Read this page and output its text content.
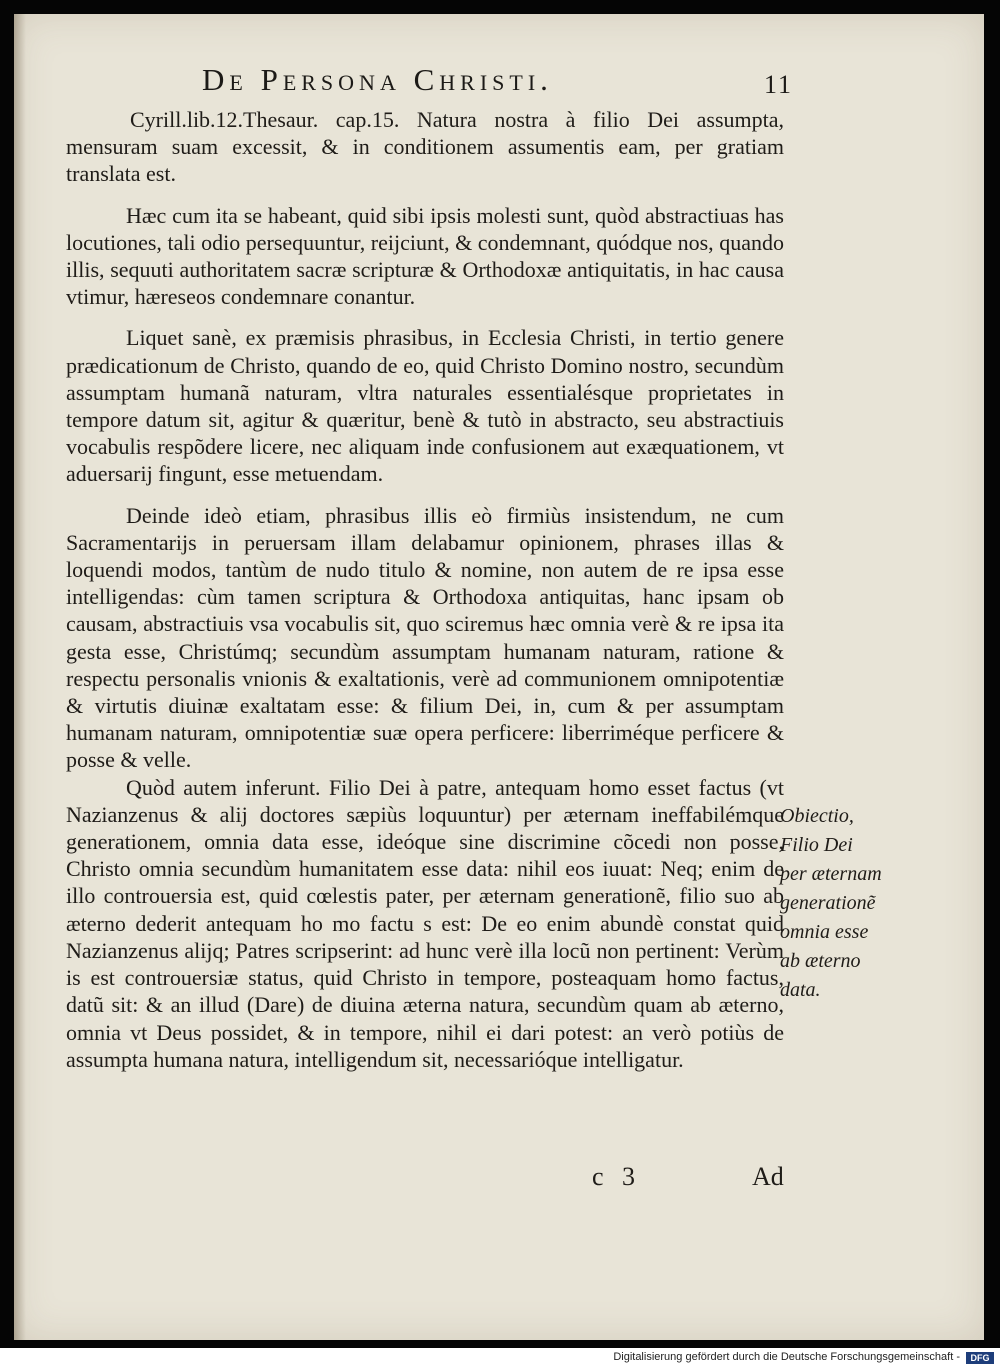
De Persona Christi.	11

Cyrill.lib.12.Thesaur. cap.15. Natura nostra à filio Dei assumpta, mensuram suam excessit, & in conditionem assumentis eam, per gratiam translata est.

Hæc cum ita se habeant, quid sibi ipsis molesti sunt, quòd abstractiuas has locutiones, tali odio persequuntur, reijciunt, & condemnant, quódque nos, quando illis, sequuti authoritatem sacræ scripturæ & Orthodoxæ antiquitatis, in hac causa vtimur, hæreseos condemnare conantur.

Liquet sanè, ex præmisis phrasibus, in Ecclesia Christi, in tertio genere prædicationum de Christo, quando de eo, quid Christo Domino nostro, secundùm assumptam humanã naturam, vltra naturales essentialésque proprietates in tempore datum sit, agitur & quæritur, benè & tutò in abstracto, seu abstractiuis vocabulis respõdere licere, nec aliquam inde confusionem aut exæquationem, vt aduersarij fingunt, esse metuendam.

Deinde ideò etiam, phrasibus illis eò firmiùs insistendum, ne cum Sacramentarijs in peruersam illam delabamur opinionem, phrases illas & loquendi modos, tantùm de nudo titulo & nomine, non autem de re ipsa esse intelligendas: cùm tamen scriptura & Orthodoxa antiquitas, hanc ipsam ob causam, abstractiuis vsa vocabulis sit, quo sciremus hæc omnia verè & re ipsa ita gesta esse, Christúmq; secundùm assumptam humanam naturam, ratione & respectu personalis vnionis & exaltationis, verè ad communionem omnipotentiæ & virtutis diuinæ exaltatam esse: & filium Dei, in, cum & per assumptam humanam naturam, omnipotentiæ suæ opera perficere: liberriméque perficere & posse & velle.

Quòd autem inferunt. Filio Dei à patre, antequam homo esset factus (vt Nazianzenus & alij doctores sæpiùs loquuntur) per æternam ineffabilémque generationem, omnia data esse, ideóque sine discrimine cõcedi non posse, Christo omnia secundùm humanitatem esse data: nihil eos iuuat: Neq; enim de illo controuersia est, quid cœlestis pater, per æternam generationẽ, filio suo ab æterno dederit antequam ho mo factu s est: De eo enim abundè constat quid Nazianzenus alijq; Patres scripserint: ad hunc verè illa locũ non pertinent: Verùm is est controuersiæ status, quid Christo in tempore, posteaquam homo factus, datũ sit: & an illud (Dare) de diuina æterna natura, secundùm quam ab æterno, omnia vt Deus possidet, & in tempore, nihil ei dari potest: an verò potiùs de assumpta humana natura, intelligendum sit, necessarióque intelligatur.

Obiectio, Filio Dei per æternam generationẽ omnia esse ab æterno data.
c 3	Ad
Digitalisierung gefördert durch die Deutsche Forschungsgemeinschaft -	DFG
